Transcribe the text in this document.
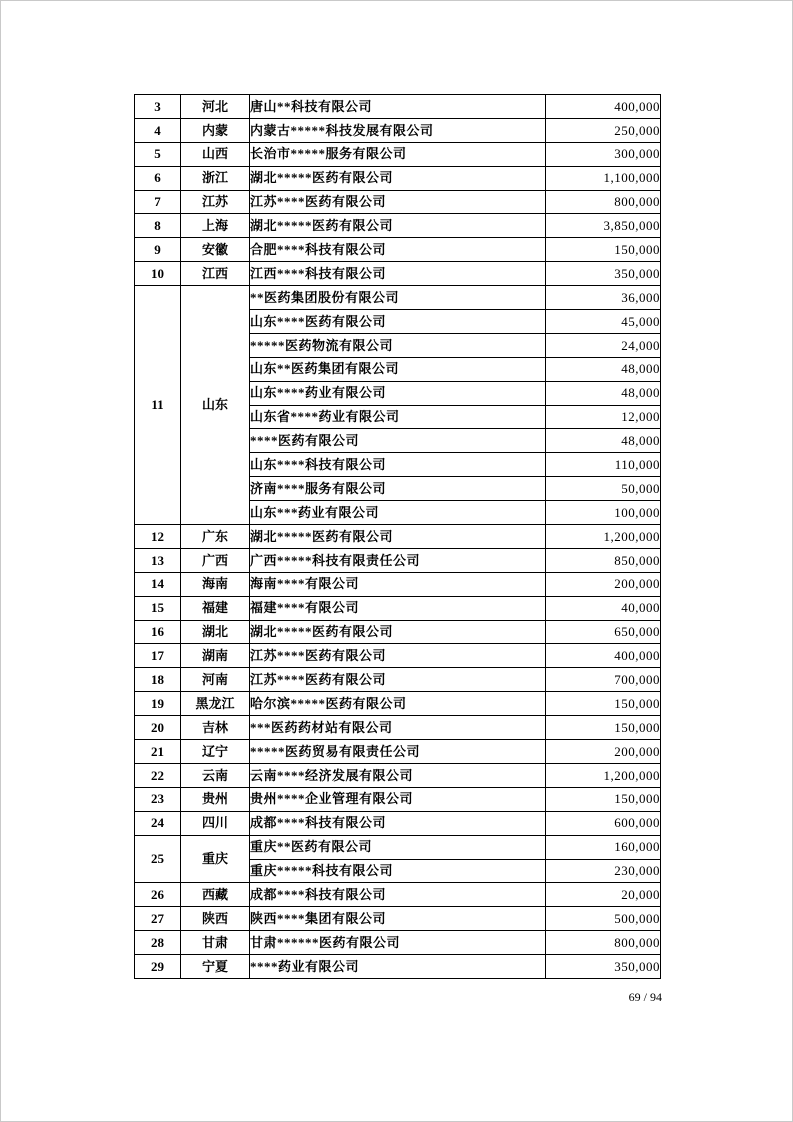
3	河北	唐山**科技有限公司	400,000
4	内蒙	内蒙古*****科技发展有限公司	250,000
5	山西	长治市*****服务有限公司	300,000
6	浙江	湖北*****医药有限公司	1,100,000
7	江苏	江苏****医药有限公司	800,000
8	上海	湖北*****医药有限公司	3,850,000
9	安徽	合肥****科技有限公司	150,000
10	江西	江西****科技有限公司	350,000
11	山东	**医药集团股份有限公司	36,000
		山东****医药有限公司	45,000
		*****医药物流有限公司	24,000
		山东**医药集团有限公司	48,000
		山东****药业有限公司	48,000
		山东省****药业有限公司	12,000
		****医药有限公司	48,000
		山东****科技有限公司	110,000
		济南****服务有限公司	50,000
		山东***药业有限公司	100,000
12	广东	湖北*****医药有限公司	1,200,000
13	广西	广西*****科技有限责任公司	850,000
14	海南	海南****有限公司	200,000
15	福建	福建****有限公司	40,000
16	湖北	湖北*****医药有限公司	650,000
17	湖南	江苏****医药有限公司	400,000
18	河南	江苏****医药有限公司	700,000
19	黑龙江	哈尔滨*****医药有限公司	150,000
20	吉林	***医药药材站有限公司	150,000
21	辽宁	*****医药贸易有限责任公司	200,000
22	云南	云南****经济发展有限公司	1,200,000
23	贵州	贵州****企业管理有限公司	150,000
24	四川	成都****科技有限公司	600,000
25	重庆	重庆**医药有限公司	160,000
		重庆*****科技有限公司	230,000
26	西藏	成都****科技有限公司	20,000
27	陕西	陕西****集团有限公司	500,000
28	甘肃	甘肃******医药有限公司	800,000
29	宁夏	****药业有限公司	350,000
69 / 94
